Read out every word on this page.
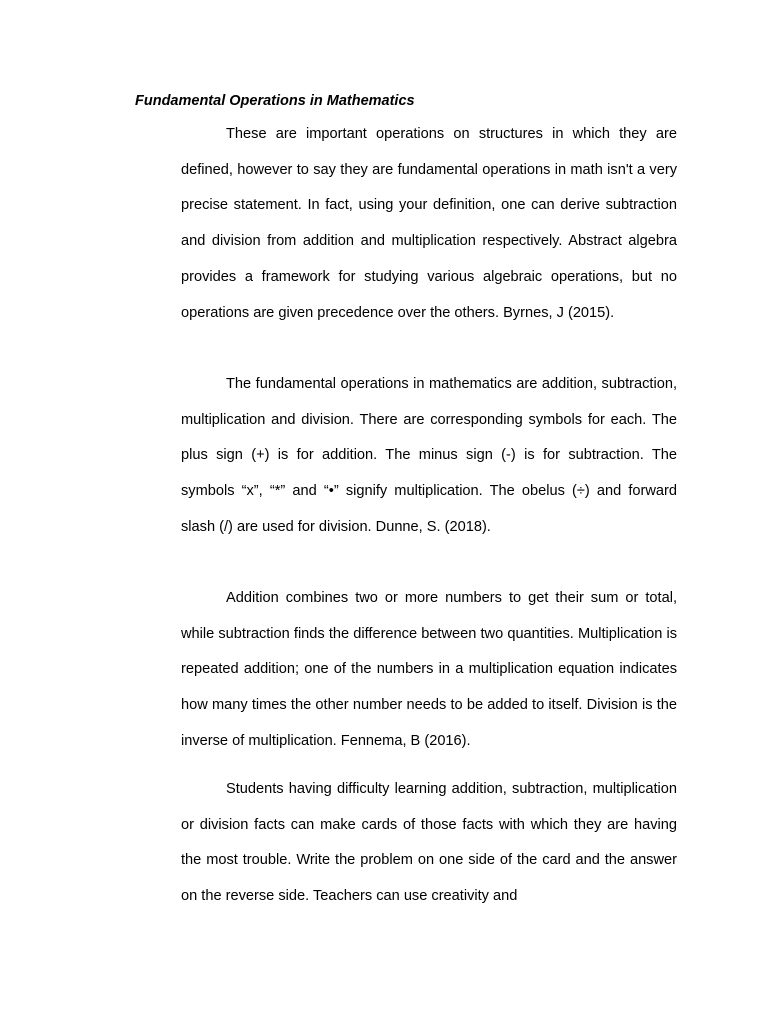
Fundamental Operations in Mathematics

These are important operations on structures in which they are defined, however to say they are fundamental operations in math isn't a very precise statement. In fact, using your definition, one can derive subtraction and division from addition and multiplication respectively. Abstract algebra provides a framework for studying various algebraic operations, but no operations are given precedence over the others. Byrnes, J (2015).

The fundamental operations in mathematics are addition, subtraction, multiplication and division. There are corresponding symbols for each. The plus sign (+) is for addition. The minus sign (-) is for subtraction. The symbols “x”, “*” and “•” signify multiplication. The obelus (÷) and forward slash (/) are used for division. Dunne, S. (2018).

Addition combines two or more numbers to get their sum or total, while subtraction finds the difference between two quantities. Multiplication is repeated addition; one of the numbers in a multiplication equation indicates how many times the other number needs to be added to itself. Division is the inverse of multiplication. Fennema, B (2016).

Students having difficulty learning addition, subtraction, multiplication or division facts can make cards of those facts with which they are having the most trouble. Write the problem on one side of the card and the answer on the reverse side. Teachers can use creativity and
